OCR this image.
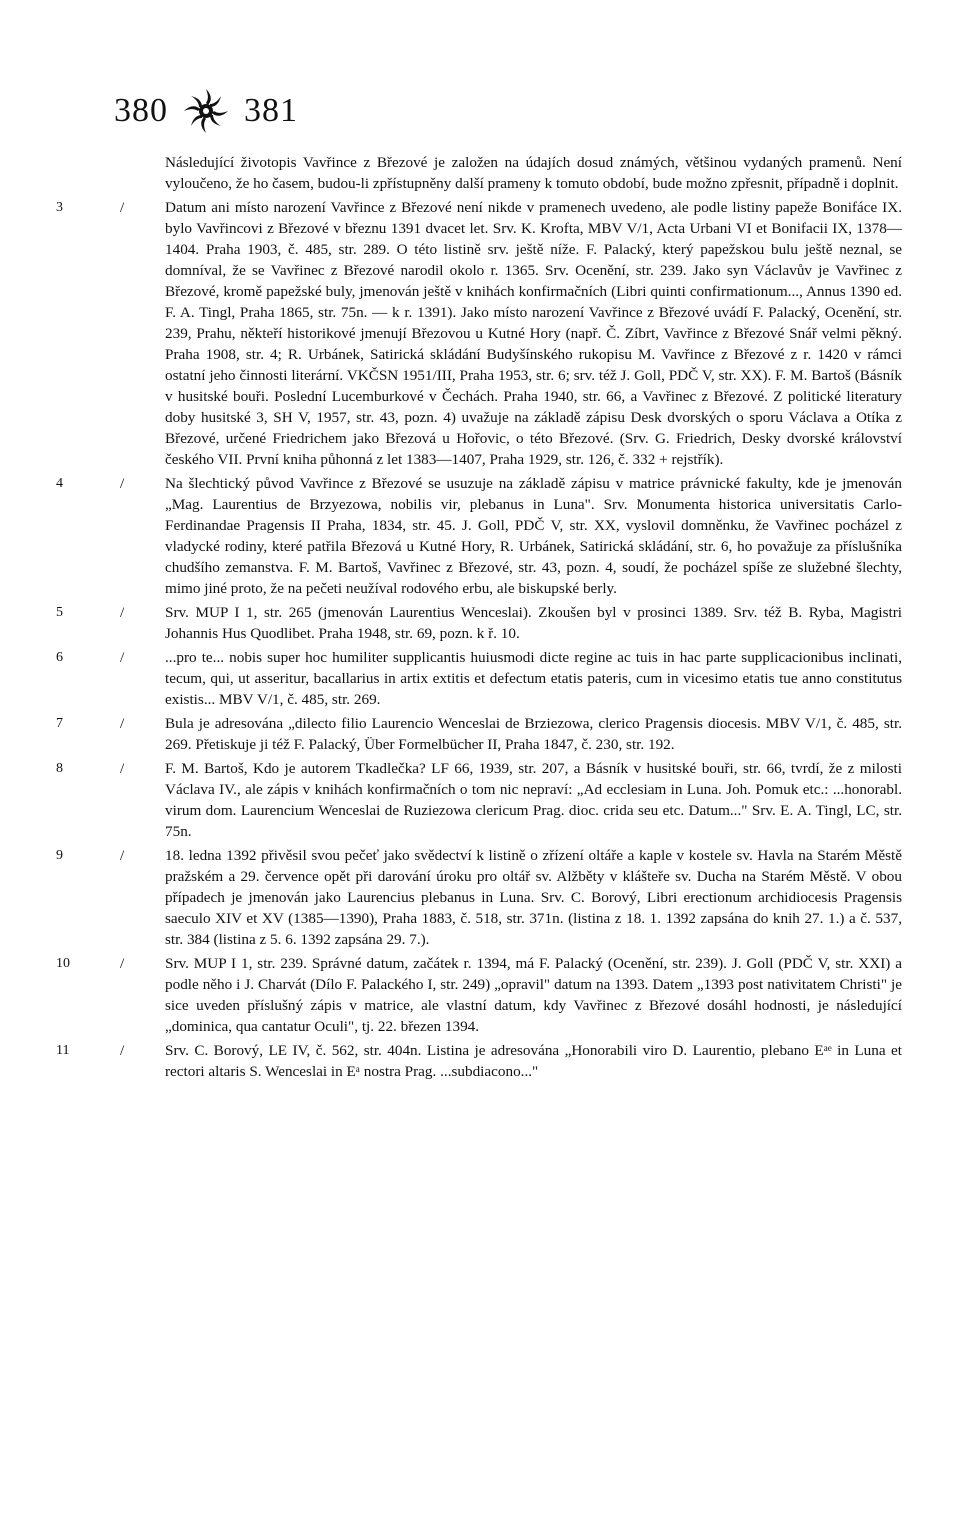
380 381

Následující životopis Vavřince z Březové je založen na údajích dosud známých, většinou vydaných pramenů. Není vyloučeno, že ho časem, budou-li zpřístupněny další prameny k tomuto období, bude možno zpřesnit, případně i doplnit.

3	/	Datum ani místo narození Vavřince z Březové není nikde v pramenech uvedeno, ale podle listiny papeže Bonifáce IX. bylo Vavřincovi z Březové v březnu 1391 dvacet let. Srv. K. Krofta, MBV V/1, Acta Urbani VI et Bonifacii IX, 1378—1404. Praha 1903, č. 485, str. 289. O této listině srv. ještě níže. F. Palacký, který papežskou bulu ještě neznal, se domníval, že se Vavřinec z Březové narodil okolo r. 1365. Srv. Ocenění, str. 239. Jako syn Václavův je Vavřinec z Březové, kromě papežské buly, jmenován ještě v knihách konfirmačních (Libri quinti confirmationum..., Annus 1390 ed. F. A. Tingl, Praha 1865, str. 75n. — k r. 1391). Jako místo narození Vavřince z Březové uvádí F. Palacký, Ocenění, str. 239, Prahu, někteří historikové jmenují Březovou u Kutné Hory (např. Č. Zíbrt, Vavřince z Březové Snář velmi pěkný. Praha 1908, str. 4; R. Urbánek, Satirická skládání Budyšínského rukopisu M. Vavřince z Březové z r. 1420 v rámci ostatní jeho činnosti literární. VKČSN 1951/III, Praha 1953, str. 6; srv. též J. Goll, PDČ V, str. XX). F. M. Bartoš (Básník v husitské bouři. Poslední Lucemburkové v Čechách. Praha 1940, str. 66, a Vavřinec z Březové. Z politické literatury doby husitské 3, SH V, 1957, str. 43, pozn. 4) uvažuje na základě zápisu Desk dvorských o sporu Václava a Otíka z Březové, určené Friedrichem jako Březová u Hořovic, o této Březové. (Srv. G. Friedrich, Desky dvorské království českého VII. První kniha půhonná z let 1383—1407, Praha 1929, str. 126, č. 332 + rejstřík).

4	/	Na šlechtický původ Vavřince z Březové se usuzuje na základě zápisu v matrice právnické fakulty, kde je jmenován „Mag. Laurentius de Brzyezowa, nobilis vir, plebanus in Luna". Srv. Monumenta historica universitatis Carlo-Ferdinandae Pragensis II Praha, 1834, str. 45. J. Goll, PDČ V, str. XX, vyslovil domněnku, že Vavřinec pocházel z vladycké rodiny, které patřila Březová u Kutné Hory, R. Urbánek, Satirická skládání, str. 6, ho považuje za příslušníka chudšího zemanstva. F. M. Bartoš, Vavřinec z Březové, str. 43, pozn. 4, soudí, že pocházel spíše ze služebné šlechty, mimo jiné proto, že na pečeti neužíval rodového erbu, ale biskupské berly.

5	/	Srv. MUP I 1, str. 265 (jmenován Laurentius Wenceslai). Zkoušen byl v prosinci 1389. Srv. též B. Ryba, Magistri Johannis Hus Quodlibet. Praha 1948, str. 69, pozn. k ř. 10.

6	/	...pro te... nobis super hoc humiliter supplicantis huiusmodi dicte regine ac tuis in hac parte supplicacionibus inclinati, tecum, qui, ut asseritur, bacallarius in artix extitis et defectum etatis pateris, cum in vicesimo etatis tue anno constitutus existis... MBV V/1, č. 485, str. 269.

7	/	Bula je adresována „dilecto filio Laurencio Wenceslai de Brziezowa, clerico Pragensis diocesis. MBV V/1, č. 485, str. 269. Přetiskuje ji též F. Palacký, Über Formelbücher II, Praha 1847, č. 230, str. 192.

8	/	F. M. Bartoš, Kdo je autorem Tkadlečka? LF 66, 1939, str. 207, a Básník v husitské bouři, str. 66, tvrdí, že z milosti Václava IV., ale zápis v knihách konfirmačních o tom nic nepraví: „Ad ecclesiam in Luna. Joh. Pomuk etc.: ...honorabl. virum dom. Laurencium Wenceslai de Ruziezowa clericum Prag. dioc. crida seu etc. Datum..." Srv. E. A. Tingl, LC, str. 75n.

9	/	18. ledna 1392 přivěsil svou pečeť jako svědectví k listině o zřízení oltáře a kaple v kostele sv. Havla na Starém Městě pražském a 29. července opět při darování úroku pro oltář sv. Alžběty v klášteře sv. Ducha na Starém Městě. V obou případech je jmenován jako Laurencius plebanus in Luna. Srv. C. Borový, Libri erectionum archidiocesis Pragensis saeculo XIV et XV (1385—1390), Praha 1883, č. 518, str. 371n. (listina z 18. 1. 1392 zapsána do knih 27. 1.) a č. 537, str. 384 (listina z 5. 6. 1392 zapsána 29. 7.).

10	/	Srv. MUP I 1, str. 239. Správné datum, začátek r. 1394, má F. Palacký (Ocenění, str. 239). J. Goll (PDČ V, str. XXI) a podle něho i J. Charvát (Dílo F. Palackého I, str. 249) „opravil" datum na 1393. Datem „1393 post nativitatem Christi" je sice uveden příslušný zápis v matrice, ale vlastní datum, kdy Vavřinec z Březové dosáhl hodnosti, je následující „dominica, qua cantatur Oculi", tj. 22. březen 1394.

11	/	Srv. C. Borový, LE IV, č. 562, str. 404n. Listina je adresována „Honorabili viro D. Laurentio, plebano Eᵃᵉ in Luna et rectori altaris S. Wenceslai in Eᵃ nostra Prag. ...subdiacono..."
